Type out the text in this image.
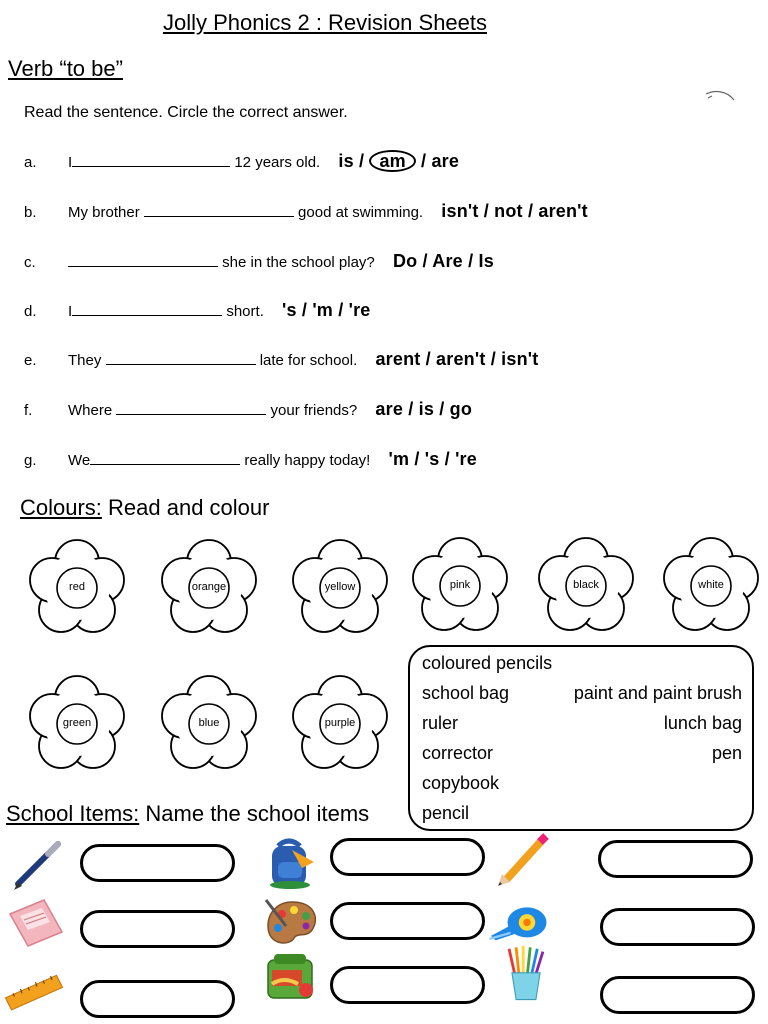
Jolly Phonics 2 : Revision Sheets
Verb “to be”
Read the sentence. Circle the correct answer.
a. I	12 years old. is / am / are
b. My brother	good at swimming. isn't / not / aren't
c.	she in the school play? Do / Are / Is
d. I	short. 's / 'm / 're
e. They	late for school. arent / aren't / isn't
f. Where	your friends? are / is / go
g. We	really happy today! 'm / 's / 're
Colours: Read and colour
red	orange	yellow	pink	black	white
green	blue	purple
coloured pencils
school bag
ruler
corrector
copybook
pencil
paint and paint brush
lunch bag
pen
School Items: Name the school items
